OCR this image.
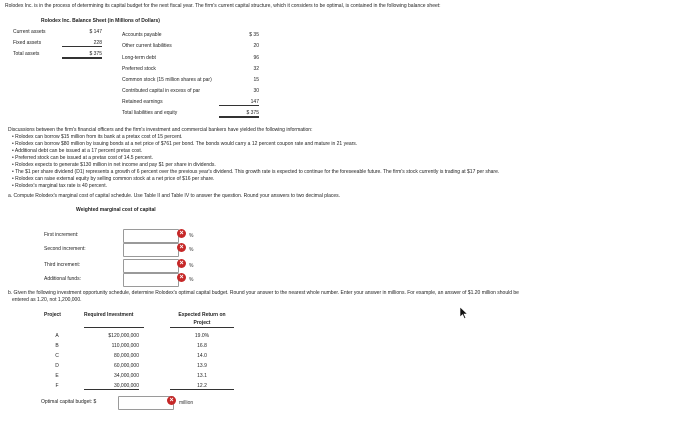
Rolodex Inc. is in the process of determining its capital budget for the next fiscal year. The firm's current capital structure, which it considers to be optimal, is contained in the following balance sheet:
Rolodex Inc. Balance Sheet (in Millions of Dollars)
Current assets	$ 147
Fixed assets	228
Total assets	$ 375
Accounts payable	$ 35
Other current liabilities	20
Long-term debt	96
Preferred stock	32
Common stock (15 million shares at par)	15
Contributed capital in excess of par	30
Retained earnings	147
Total liabilities and equity	$ 375
Discussions between the firm's financial officers and the firm's investment and commercial bankers have yielded the following information:
• Rolodex can borrow $15 million from its bank at a pretax cost of 15 percent.
• Rolodex can borrow $80 million by issuing bonds at a net price of $761 per bond. The bonds would carry a 12 percent coupon rate and mature in 21 years.
• Additional debt can be issued at a 17 percent pretax cost.
• Preferred stock can be issued at a pretax cost of 14.5 percent.
• Rolodex expects to generate $130 million in net income and pay $1 per share in dividends.
• The $1 per share dividend (D1) represents a growth of 6 percent over the previous year's dividend. This growth rate is expected to continue for the foreseeable future. The firm's stock currently is trading at $17 per share.
• Rolodex can raise external equity by selling common stock at a net price of $16 per share.
• Rolodex's marginal tax rate is 40 percent.
a. Compute Rolodex's marginal cost of capital schedule. Use Table II and Table IV to answer the question. Round your answers to two decimal places.
Weighted marginal cost of capital
First increment:	×	%
Second increment:	×	%
Third increment:	×	%
Additional funds:	×	%
b. Given the following investment opportunity schedule, determine Rolodex's optimal capital budget. Round your answer to the nearest whole number. Enter your answer in millions. For example, an answer of $1.20 million should be
entered as 1.20, not 1,200,000.
Project	Required Investment	Expected Return on
Project
A	$120,000,000	19.0%
B	110,000,000	16.8
C	80,000,000	14.0
D	60,000,000	13.9
E	34,000,000	13.1
F	30,000,000	12.2
Optimal capital budget: $	×	million
